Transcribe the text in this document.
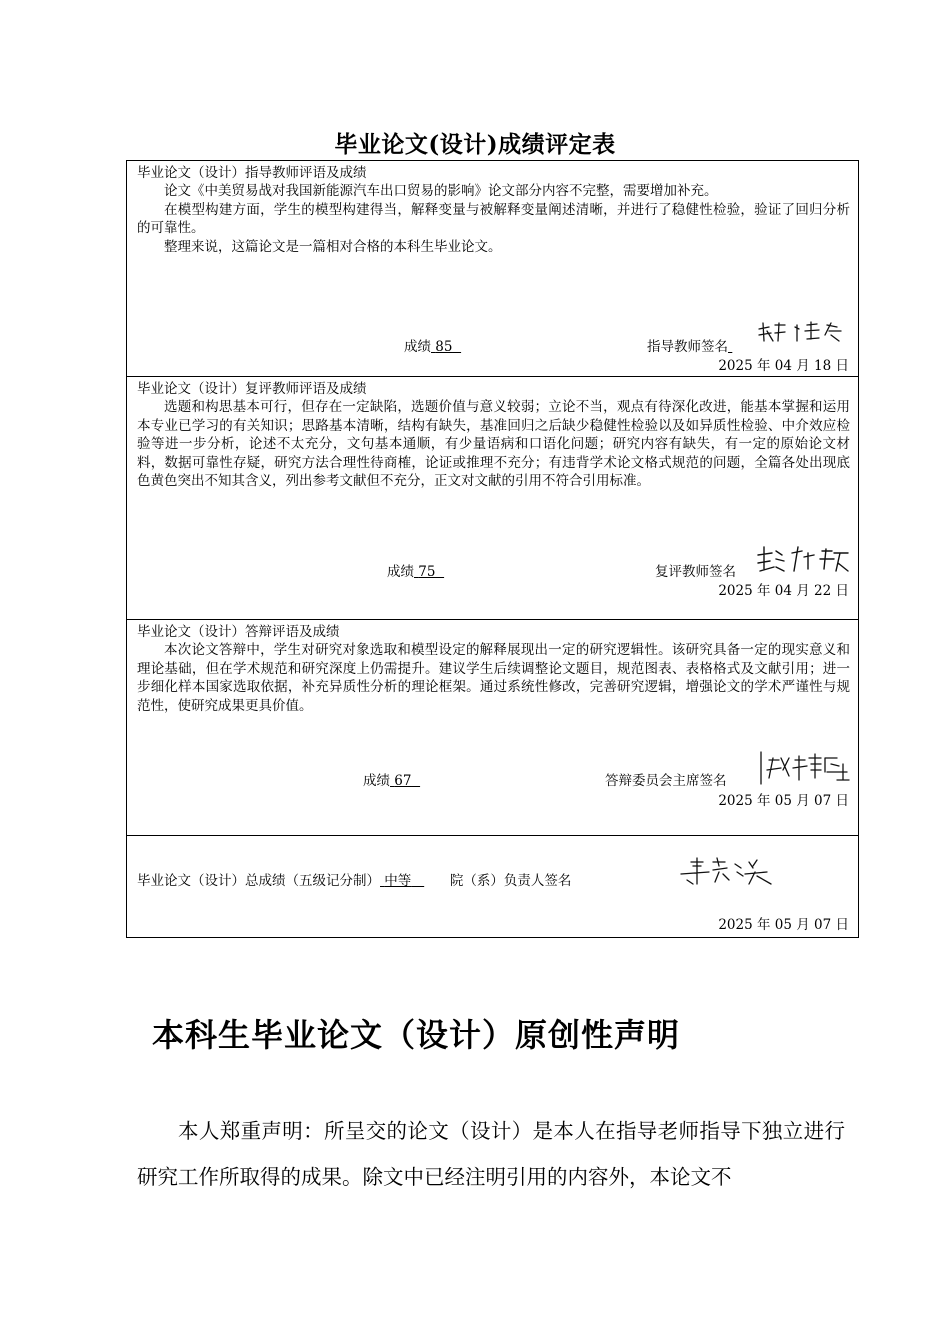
毕业论文(设计)成绩评定表
毕业论文（设计）指导教师评语及成绩

论文《中美贸易战对我国新能源汽车出口贸易的影响》论文部分内容不完整，需要增加补充。

在模型构建方面，学生的模型构建得当，解释变量与被解释变量阐述清晰，并进行了稳健性检验，验证了回归分析的可靠性。

整理来说，这篇论文是一篇相对合格的本科生毕业论文。

成绩 85	指导教师签名
2025 年 04 月 18 日
毕业论文（设计）复评教师评语及成绩

选题和构思基本可行，但存在一定缺陷，选题价值与意义较弱；立论不当，观点有待深化改进，能基本掌握和运用本专业已学习的有关知识；思路基本清晰，结构有缺失，基准回归之后缺少稳健性检验以及如异质性检验、中介效应检验等进一步分析，论述不太充分，文句基本通顺，有少量语病和口语化问题；研究内容有缺失，有一定的原始论文材料，数据可靠性存疑，研究方法合理性待商榷，论证或推理不充分；有违背学术论文格式规范的问题，全篇各处出现底色黄色突出不知其含义，列出参考文献但不充分，正文对文献的引用不符合引用标准。

成绩 75	复评教师签名
2025 年 04 月 22 日
毕业论文（设计）答辩评语及成绩

本次论文答辩中，学生对研究对象选取和模型设定的解释展现出一定的研究逻辑性。该研究具备一定的现实意义和理论基础，但在学术规范和研究深度上仍需提升。建议学生后续调整论文题目，规范图表、表格格式及文献引用；进一步细化样本国家选取依据，补充异质性分析的理论框架。通过系统性修改，完善研究逻辑，增强论文的学术严谨性与规范性，使研究成果更具价值。

成绩 67	答辩委员会主席签名
2025 年 05 月 07 日
毕业论文（设计）总成绩（五级记分制） 中等	院（系）负责人签名
2025 年 05 月 07 日
本科生毕业论文（设计）原创性声明

本人郑重声明：所呈交的论文（设计）是本人在指导老师指导下独立进行研究工作所取得的成果。除文中已经注明引用的内容外，本论文不
